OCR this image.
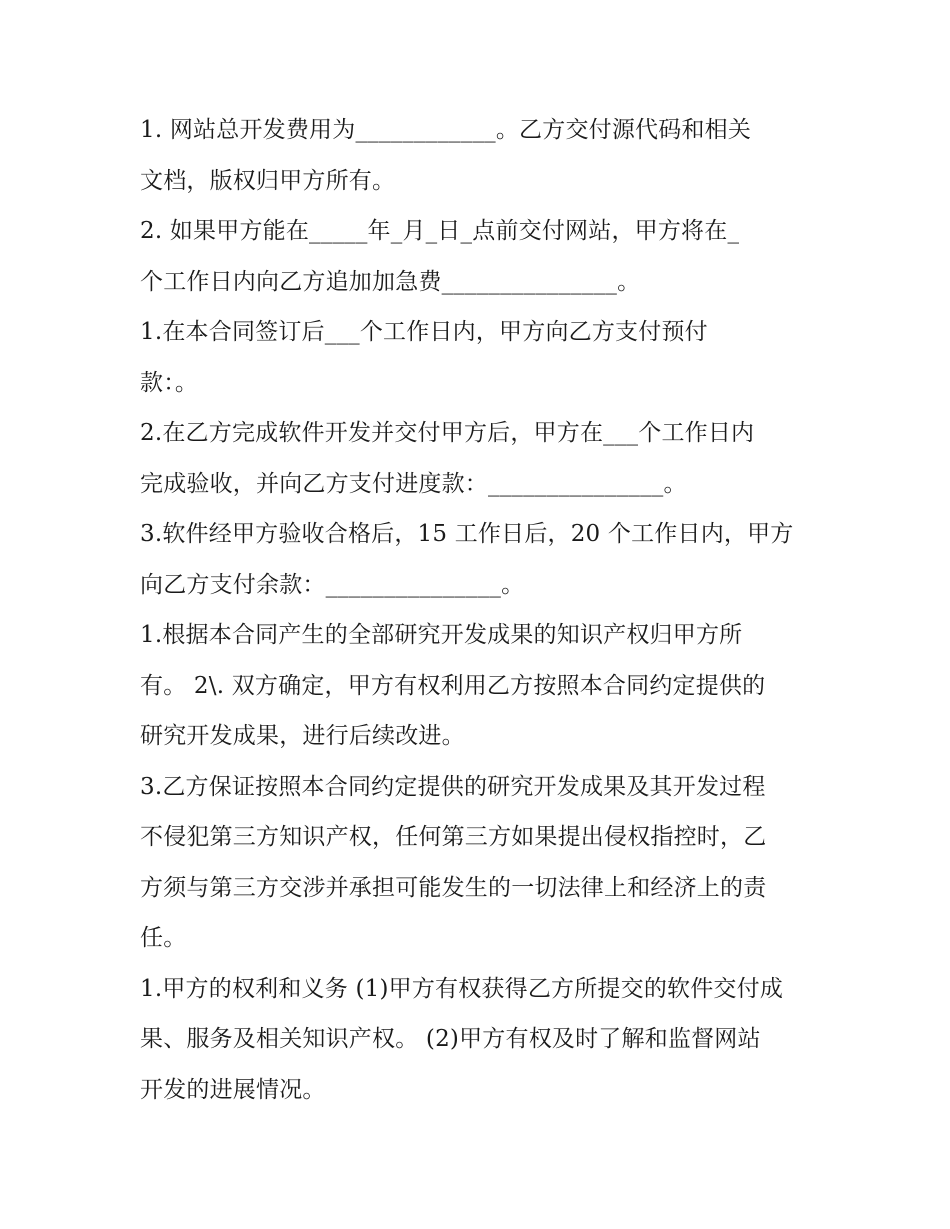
1. 网站总开发费用为____________。乙方交付源代码和相关
文档，版权归甲方所有。
2. 如果甲方能在_____年_月_日_点前交付网站，甲方将在_
个工作日内向乙方追加加急费_______________。
1.在本合同签订后___个工作日内，甲方向乙方支付预付
款：。
2.在乙方完成软件开发并交付甲方后，甲方在___个工作日内
完成验收，并向乙方支付进度款：_______________。
3.软件经甲方验收合格后，15 工作日后，20 个工作日内，甲方
向乙方支付余款：_______________。
1.根据本合同产生的全部研究开发成果的知识产权归甲方所
有。 2\. 双方确定，甲方有权利用乙方按照本合同约定提供的
研究开发成果，进行后续改进。
3.乙方保证按照本合同约定提供的研究开发成果及其开发过程
不侵犯第三方知识产权，任何第三方如果提出侵权指控时，乙
方须与第三方交涉并承担可能发生的一切法律上和经济上的责
任。
1.甲方的权利和义务 (1)甲方有权获得乙方所提交的软件交付成
果、服务及相关知识产权。 (2)甲方有权及时了解和监督网站
开发的进展情况。
